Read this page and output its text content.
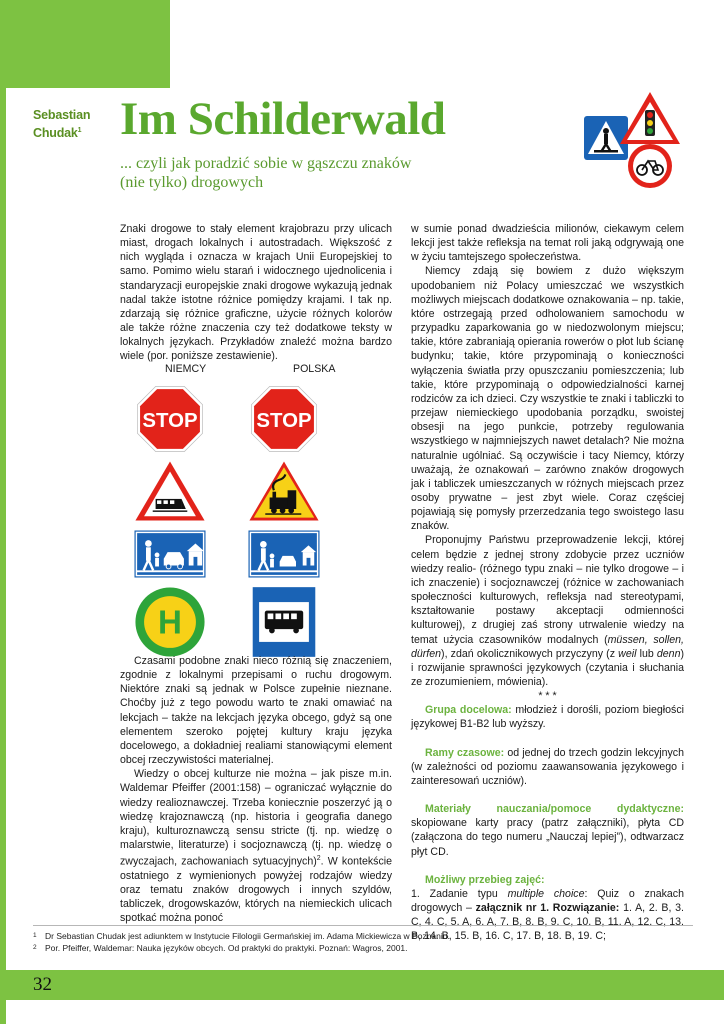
Sebastian
Chudak$^1$ Im Schilderwald
... czyli jak poradzić sobie w gąszczu znaków
(nie tylko) drogowych

Znaki drogowe to stały element krajobrazu przy ulicach miast, drogach lokalnych i autostradach. Większość z nich wygląda i oznacza w krajach Unii Europejskiej to samo. Pomimo wielu starań i widocznego ujednolicenia i standaryzacji europejskie znaki drogowe wykazują jednak nadal także istotne różnice pomiędzy krajami. I tak np. zdarzają się różnice graficzne, użycie różnych kolorów ale także różne znaczenia czy też dodatkowe teksty w lokalnych językach. Przykładów znaleźć można bardzo wiele (por. poniższe zestawienie).

NIEMCY	POLSKA
STOP STOP
H

Czasami podobne znaki nieco różnią się znaczeniem, zgodnie z lokalnymi przepisami o ruchu drogowym. Niektóre znaki są jednak w Polsce zupełnie nieznane. Choćby już z tego powodu warto te znaki omawiać na lekcjach – także na lekcjach języka obcego, gdyż są one elementem szeroko pojętej kultury kraju języka docelowego, a dokładniej realiami stanowiącymi element obcej rzeczywistości materialnej.

Wiedzy o obcej kulturze nie można – jak pisze m.in. Waldemar Pfeiffer (2001:158) – ograniczać wyłącznie do wiedzy realioznawczej. Trzeba koniecznie poszerzyć ją o wiedzę krajoznawczą (np. historia i geografia danego kraju), kulturoznawczą sensu stricte (tj. np. wiedzę o malarstwie, literaturze) i socjoznawczą (tj. np. wiedzę o zwyczajach, zachowaniach sytuacyjnych)$^2$. W kontekście ostatniego z wymienionych powyżej rodzajów wiedzy oraz tematu znaków drogowych i innych szyldów, tabliczek, drogowskazów, których na niemieckich ulicach spotkać można ponoć

w sumie ponad dwadzieścia milionów, ciekawym celem lekcji jest także refleksja na temat roli jaką odgrywają one w życiu tamtejszego społeczeństwa.

Niemcy zdają się bowiem z dużo większym upodobaniem niż Polacy umieszczać we wszystkich możliwych miejscach dodatkowe oznakowania – np. takie, które ostrzegają przed odholowaniem samochodu w przypadku zaparkowania go w niedozwolonym miejscu; takie, które zabraniają opierania rowerów o płot lub ścianę budynku; takie, które przypominają o konieczności wyłączenia światła przy opuszczaniu pomieszczenia; lub takie, które przypominają o odpowiedzialności karnej rodziców za ich dzieci. Czy wszystkie te znaki i tabliczki to przejaw niemieckiego upodobania porządku, swoistej obsesji na jego punkcie, potrzeby regulowania wszystkiego w najmniejszych nawet detalach? Nie można naturalnie ugólniać. Są oczywiście i tacy Niemcy, którzy uważają, że oznakowań – zarówno znaków drogowych jak i tabliczek umieszczanych w różnych miejscach przez osoby prywatne – jest zbyt wiele. Coraz częściej pojawiają się pomysły przerzedzania tego swoistego lasu znaków.

Proponujmy Państwu przeprowadzenie lekcji, której celem będzie z jednej strony zdobycie przez uczniów wiedzy realio- (różnego typu znaki – nie tylko drogowe – i ich znaczenie) i socjoznawczej (różnice w zachowaniach społeczności kulturowych, refleksja nad stereotypami, kształtowanie postawy akceptacji odmienności kulturowej), z drugiej zaś strony utrwalenie wiedzy na temat użycia czasowników modalnych (müssen, sollen, dürfen), zdań okolicznikowych przyczyny (z weil lub denn) i rozwijanie sprawności językowych (czytania i słuchania ze zrozumieniem, mówienia).

* * *

Grupa docelowa: młodzież i dorośli, poziom biegłości językowej B1-B2 lub wyższy.

Ramy czasowe: od jednej do trzech godzin lekcyjnych (w zależności od poziomu zaawansowania językowego i zainteresowań uczniów).

Materiały nauczania/pomoce dydaktyczne: skopiowane karty pracy (patrz załączniki), płyta CD (załączona do tego numeru „Nauczaj lepiej”), odtwarzacz płyt CD.

Możliwy przebieg zajęć:

1. Zadanie typu multiple choice: Quiz o znakach drogowych – załącznik nr 1. Rozwiązanie: 1. A, 2. B, 3. C, 4. C, 5. A, 6. A, 7. B, 8. B, 9. C, 10. B, 11. A, 12. C, 13. B, 14. B, 15. B, 16. C, 17. B, 18. B, 19. C;

1 Dr Sebastian Chudak jest adiunktem w Instytucie Filologii Germańskiej im. Adama Mickiewicza w Poznaniu.
2 Por. Pfeiffer, Waldemar: Nauka języków obcych. Od praktyki do praktyki. Poznań: Wagros, 2001.
32
